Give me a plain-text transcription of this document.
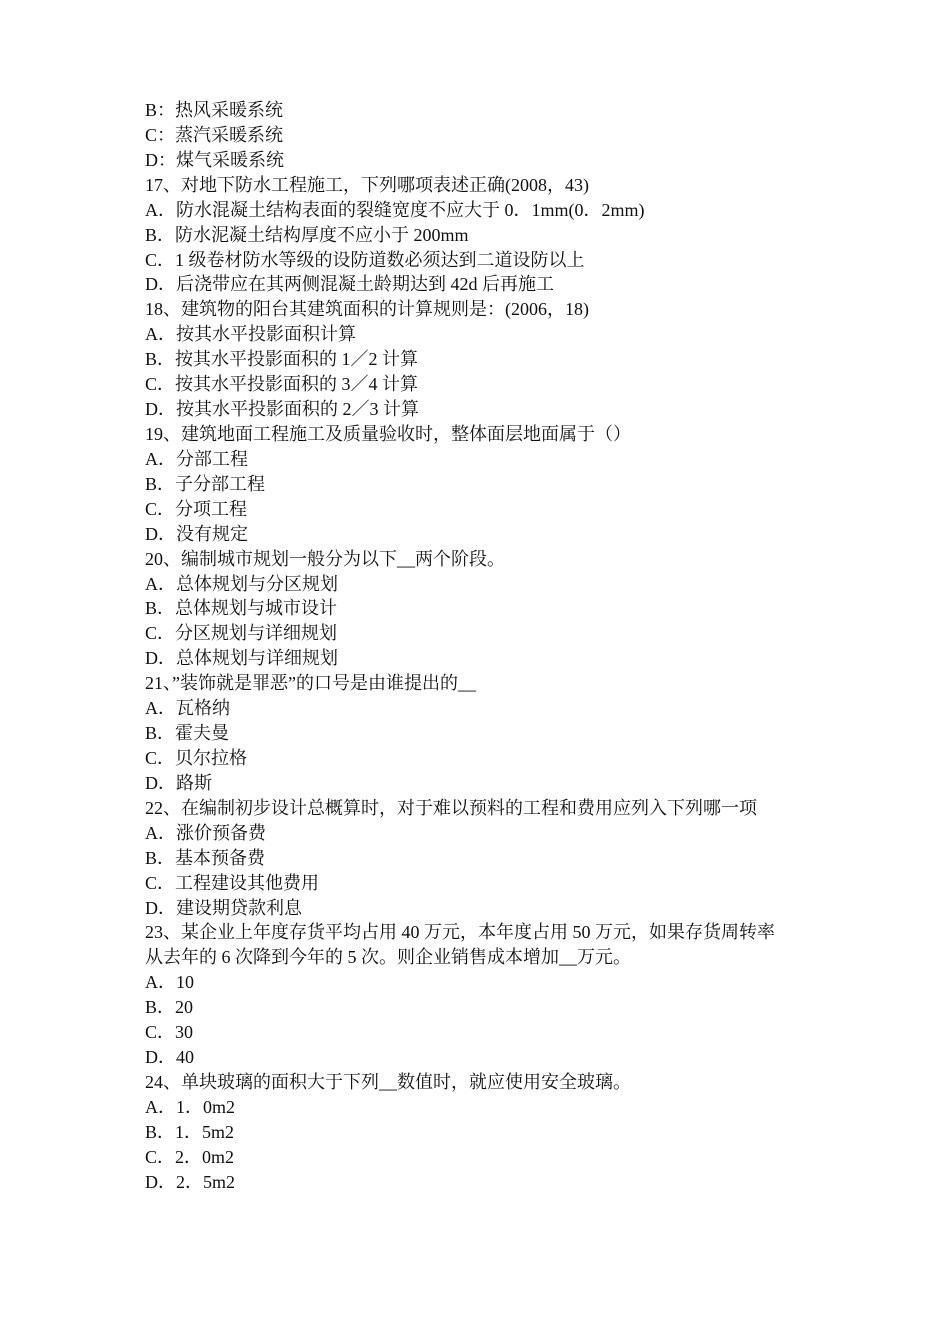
B：热风采暖系统
C：蒸汽采暖系统
D：煤气采暖系统
17、对地下防水工程施工，下列哪项表述正确(2008，43)
A．防水混凝土结构表面的裂缝宽度不应大于 0．1mm(0．2mm)
B．防水泥凝土结构厚度不应小于 200mm
C．1 级卷材防水等级的设防道数必须达到二道设防以上
D．后浇带应在其两侧混凝土龄期达到 42d 后再施工
18、建筑物的阳台其建筑面积的计算规则是：(2006，18)
A．按其水平投影面积计算
B．按其水平投影面积的 1／2 计算
C．按其水平投影面积的 3／4 计算
D．按其水平投影面积的 2／3 计算
19、建筑地面工程施工及质量验收时，整体面层地面属于（）
A．分部工程
B．子分部工程
C．分项工程
D．没有规定
20、编制城市规划一般分为以下__两个阶段。
A．总体规划与分区规划
B．总体规划与城市设计
C．分区规划与详细规划
D．总体规划与详细规划
21、”装饰就是罪恶”的口号是由谁提出的__
A．瓦格纳
B．霍夫曼
C．贝尔拉格
D．路斯
22、在编制初步设计总概算时，对于难以预料的工程和费用应列入下列哪一项
A．涨价预备费
B．基本预备费
C．工程建设其他费用
D．建设期贷款利息
23、某企业上年度存货平均占用 40 万元，本年度占用 50 万元，如果存货周转率
从去年的 6 次降到今年的 5 次。则企业销售成本增加__万元。
A．10
B．20
C．30
D．40
24、单块玻璃的面积大于下列__数值时，就应使用安全玻璃。
A．1．0m2
B．1．5m2
C．2．0m2
D．2．5m2
